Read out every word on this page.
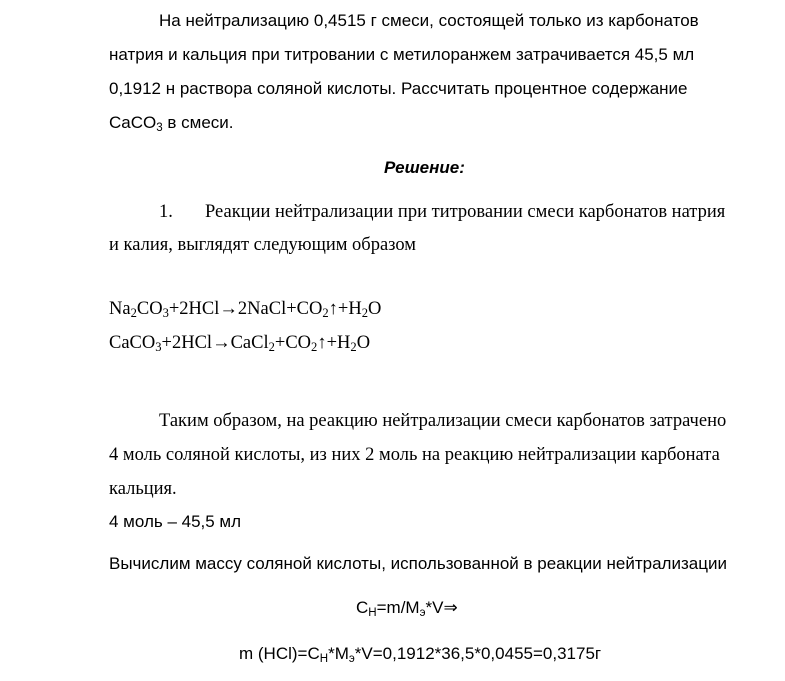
На нейтрализацию 0,4515 г смеси, состоящей только из карбонатов
натрия и кальция при титровании с метилоранжем затрачивается 45,5 мл
0,1912 н раствора соляной кислоты. Рассчитать процентное содержание
CaCO$_3$ в смеси.
Решение:
1. Реакции нейтрализации при титровании смеси карбонатов натрия
и калия, выглядят следующим образом
$Na_2CO_3+2HCl\to 2NaCl+CO_2↑+H_2O$
$CaCO_3+2HCl\to CaCl_2+CO_2↑+H_2O$
Таким образом, на реакцию нейтрализации смеси карбонатов затрачено
4 моль соляной кислоты, из них 2 моль на реакцию нейтрализации карбоната
кальция.
4 моль – 45,5 мл
Вычислим массу соляной кислоты, использованной в реакции нейтрализации
$C_Н=m/M_э*V\Rightarrow$
m $(HCl)=C_Н*M_э*V=0,1912*36,5*0,0455=0,3175г$
